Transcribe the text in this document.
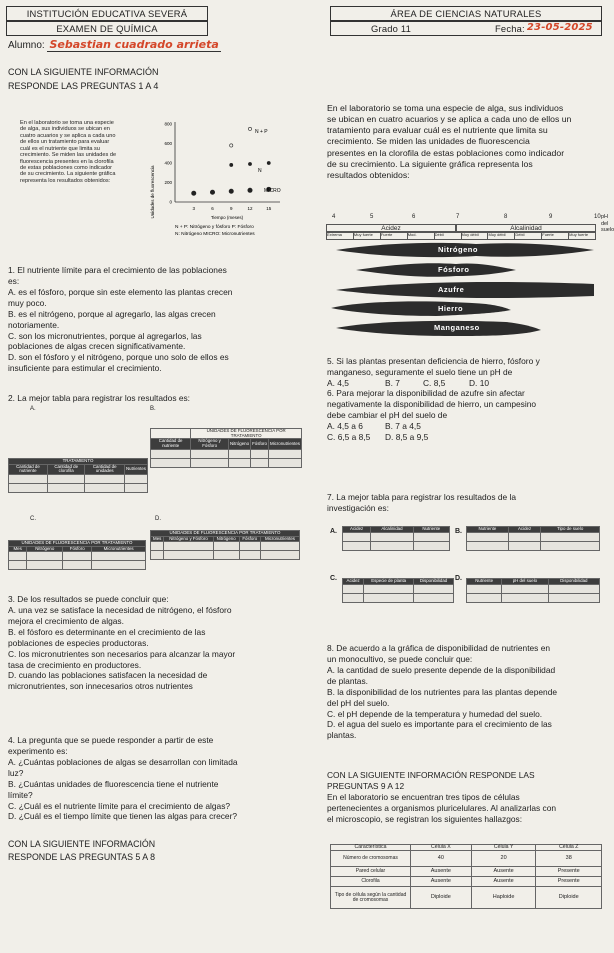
INSTITUCIÓN EDUCATIVA SEVERÁ
EXAMEN DE QUÍMICA
ÁREA DE CIENCIAS NATURALES
Grado 11	Fecha: 23-05-2025
Alumno: Sebastian cuadrado arrieta
CON LA SIGUIENTE INFORMACIÓN
RESPONDE LAS PREGUNTAS 1 A 4
En el laboratorio se toma una especie
de alga, sus individuos se ubican en
cuatro acuarios y se aplica a cada uno
de ellos un tratamiento para evaluar
cuál es el nutriente que limita su
crecimiento. Se miden las unidades de
fluorescencia presentes en la clorofila
de estas poblaciones como indicador
de su crecimiento. La siguiente gráfica
representa los resultados obtenidos:	Unidades de fluorescencia
800
600
400
200
0
3	6	9	12	15
N + P
N
MICRO
Tiempo (meses)
N + P: Nitrógeno y fósforo P: Fósforo
N: Nitrógeno MICRO: Micronutrientes
En el laboratorio se toma una especie de alga, sus individuos
se ubican en cuatro acuarios y se aplica a cada uno de ellos un
tratamiento para evaluar cuál es el nutriente que limita su
crecimiento. Se miden las unidades de fluorescencia
presentes en la clorofila de estas poblaciones como indicador
de su crecimiento. La siguiente gráfica representa los
resultados obtenidos:
4	5	6	7	8	9	10 pH del suelo
Acidez	Alcalinidad
Extrema	Muy fuerte	Fuerte	Mod.	Débil	Muy débil	Muy débil	Débil	Fuerte	Muy fuerte
Nitrógeno
Fósforo
Azufre
Hierro
Manganeso
1. El nutriente límite para el crecimiento de las poblaciones
es:
A. es el fósforo, porque sin este elemento las plantas crecen
muy poco.
B. es el nitrógeno, porque al agregarlo, las algas crecen
notoriamente.
C. son los micronutrientes, porque al agregarlos, las
poblaciones de algas crecen significativamente.
D. son el fósforo y el nitrógeno, porque uno solo de ellos es
insuficiente para estimular el crecimiento.
5. Si las plantas presentan deficiencia de hierro, fósforo y
manganeso, seguramente el suelo tiene un pH de
A. 4,5	B. 7	C. 8,5	D. 10
6. Para mejorar la disponibilidad de azufre sin afectar
negativamente la disponibilidad de hierro, un campesino
debe cambiar el pH del suelo de
A. 4,5 a 6	B. 7 a 4,5
C. 6,5 a 8,5	D. 8,5 a 9,5
2. La mejor tabla para registrar los resultados es:
A.	B.
C.	D.
TRATAMIENTO			
Cantidad de nutriente	Cantidad de clorofila	Cantidad de unidades	Nutrientes

	UNIDADES DE FLUORESCENCIA POR TRATAMIENTO			
Cantidad de nutriente	Nitrógeno y Fósforo	Nitrógeno	Fósforo	Micronutrientes

UNIDADES DE FLUORESCENCIA POR TRATAMIENTO			
Mes	Nitrógeno	Fósforo	Micronutrientes

UNIDADES DE FLUORESCENCIA POR TRATAMIENTO				
Mes	Nitrógeno y Fósforo	Nitrógeno	Fósforo	Micronutrientes

7. La mejor tabla para registrar los resultados de la
investigación es:
A.	Acidez	Alcalinidad	Nutriente

		B.	Nutriente	Acidez	Tipo de suelo

C. Acidez	Especie de planta	Disponibilidad

		D.	Nutriente	pH del suelo	Disponibilidad

3. De los resultados se puede concluir que:
A. una vez se satisface la necesidad de nitrógeno, el fósforo
mejora el crecimiento de algas.
B. el fósforo es determinante en el crecimiento de las
poblaciones de especies productoras.
C. los micronutrientes son necesarios para alcanzar la mayor
tasa de crecimiento en productores.
D. cuando las poblaciones satisfacen la necesidad de
micronutrientes, son innecesarios otros nutrientes
8. De acuerdo a la gráfica de disponibilidad de nutrientes en
un monocultivo, se puede concluir que:
A. la cantidad de suelo presente depende de la disponibilidad
de plantas.
B. la disponibilidad de los nutrientes para las plantas depende
del pH del suelo.
C. el pH depende de la temperatura y humedad del suelo.
D. el agua del suelo es importante para el crecimiento de las
plantas.
4. La pregunta que se puede responder a partir de este
experimento es:
A. ¿Cuántas poblaciones de algas se desarrollan con limitada
luz?
B. ¿Cuántas unidades de fluorescencia tiene el nutriente
límite?
C. ¿Cuál es el nutriente límite para el crecimiento de algas?
D. ¿Cuál es el tiempo límite que tienen las algas para crecer?
CON LA SIGUIENTE INFORMACIÓN RESPONDE LAS
PREGUNTAS 9 A 12
En el laboratorio se encuentran tres tipos de células
pertenecientes a organismos pluricelulares. Al analizarlas con
el microscopio, se registran los siguientes hallazgos:
CON LA SIGUIENTE INFORMACIÓN
RESPONDE LAS PREGUNTAS 5 A 8
Característica	Célula X	Célula Y	Célula Z
Número de cromosomas	40	20	38
Pared celular	Ausente	Ausente	Presente
Clorofila	Ausente	Ausente	Presente
Tipo de célula según la cantidad de cromosomas	Diploide	Haploide	Diploide
